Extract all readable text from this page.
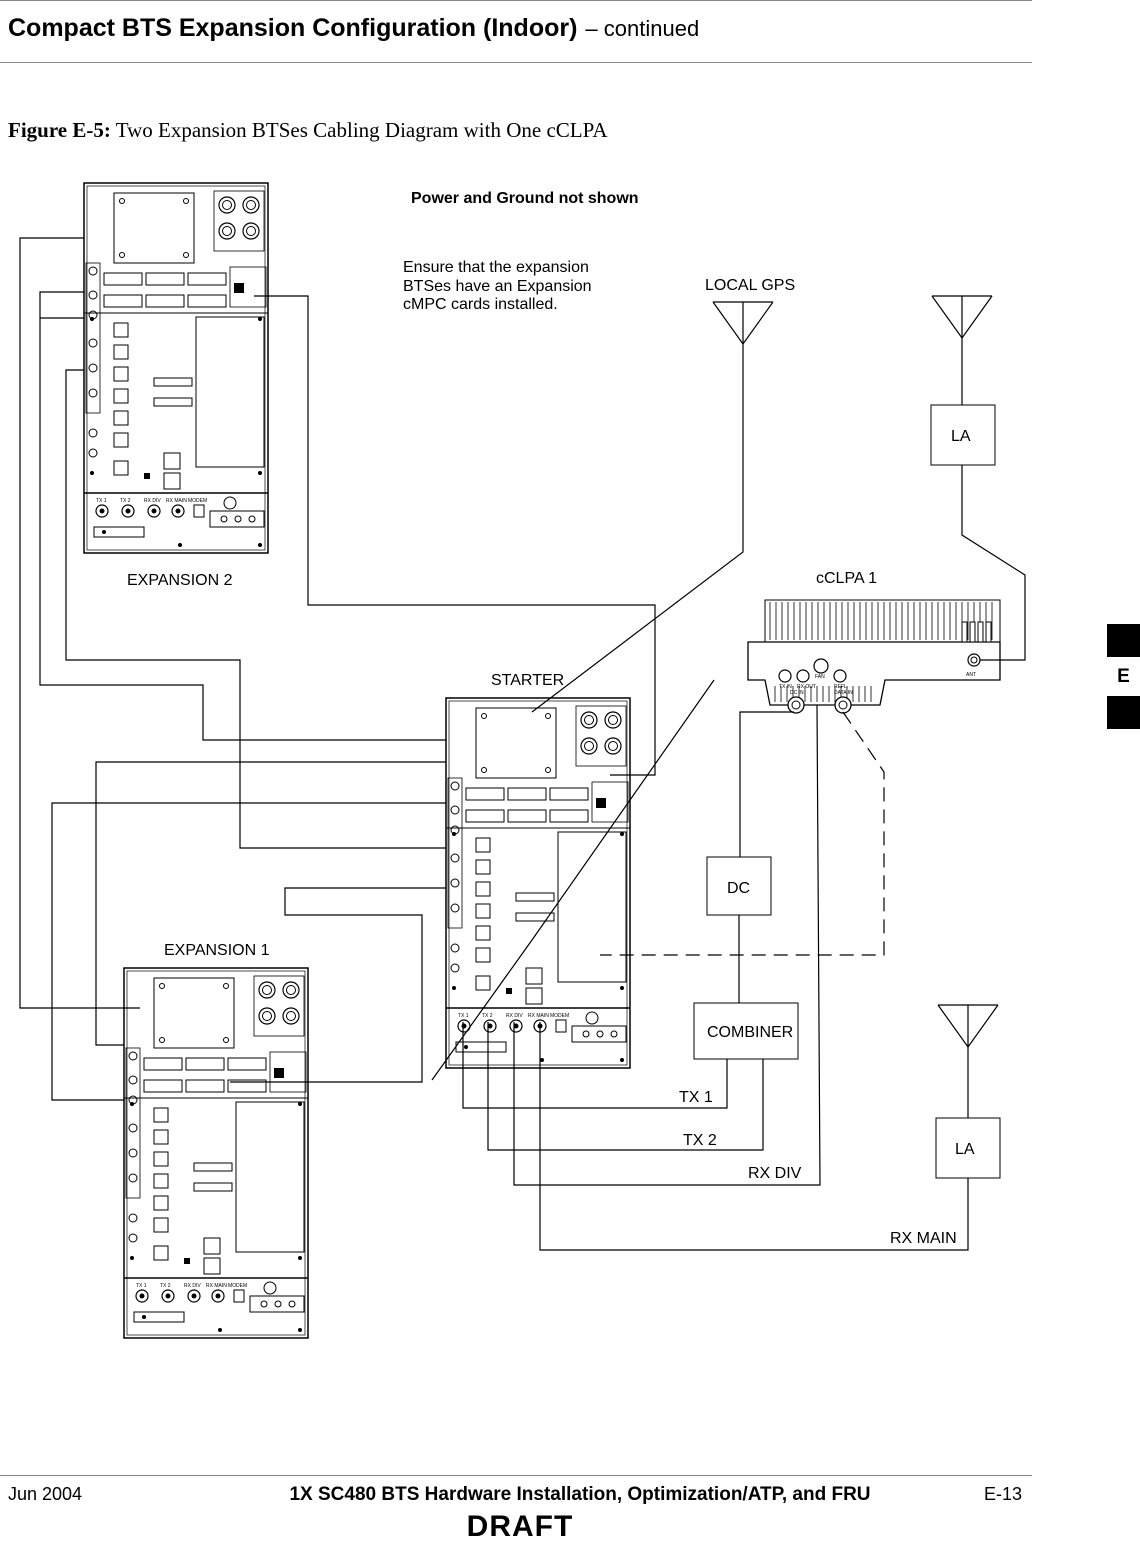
Compact BTS Expansion Configuration (Indoor) – continued
Figure E-5: Two Expansion BTSes Cabling Diagram with One cCLPA
TX IN RX OUT
DC IN
FAN
REFL
DATA IN
ANT
Power and Ground not shown
Ensure that the expansion
BTSes have an Expansion
cMPC cards installed.
LOCAL GPS
LA
LA
cCLPA 1
EXPANSION 2
EXPANSION 1
STARTER
DC
COMBINER
TX 1
TX 2
RX DIV
RX MAIN
TX 1	TX 2	RX DIV RX MAIN MODEM
TX 1	TX 2	RX DIV RX MAIN MODEM
TX 1	TX 2	RX DIV RX MAIN MODEM
Jun 2004	1X SC480 BTS Hardware Installation, Optimization/ATP, and FRU	E-13
DRAFT
E
